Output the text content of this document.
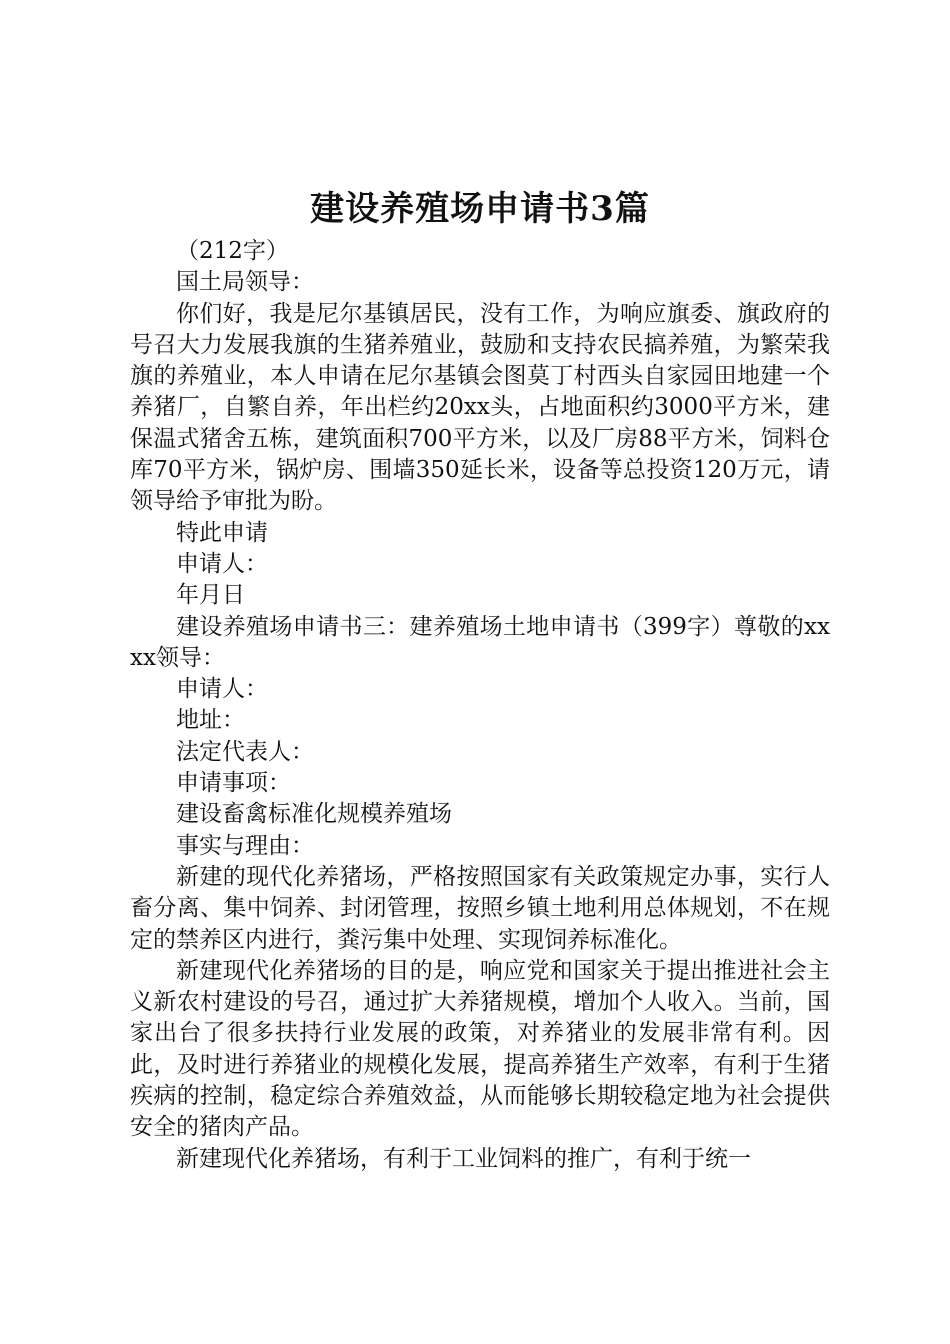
建设养殖场申请书3篇

（212字）

国土局领导：

你们好，我是尼尔基镇居民，没有工作，为响应旗委、旗政府的号召大力发展我旗的生猪养殖业，鼓励和支持农民搞养殖，为繁荣我旗的养殖业，本人申请在尼尔基镇会图莫丁村西头自家园田地建一个养猪厂，自繁自养，年出栏约20xx头，占地面积约3000平方米，建保温式猪舍五栋，建筑面积700平方米，以及厂房88平方米，饲料仓库70平方米，锅炉房、围墙350延长米，设备等总投资120万元，请领导给予审批为盼。

特此申请

申请人：

年月日

建设养殖场申请书三：建养殖场土地申请书（399字）尊敬的xxxx领导：

申请人：

地址：

法定代表人：

申请事项：

建设畜禽标准化规模养殖场

事实与理由：

新建的现代化养猪场，严格按照国家有关政策规定办事，实行人畜分离、集中饲养、封闭管理，按照乡镇土地利用总体规划，不在规定的禁养区内进行，粪污集中处理、实现饲养标准化。

新建现代化养猪场的目的是，响应党和国家关于提出推进社会主义新农村建设的号召，通过扩大养猪规模，增加个人收入。当前，国家出台了很多扶持行业发展的政策，对养猪业的发展非常有利。因此，及时进行养猪业的规模化发展，提高养猪生产效率，有利于生猪疾病的控制，稳定综合养殖效益，从而能够长期较稳定地为社会提供安全的猪肉产品。

新建现代化养猪场，有利于工业饲料的推广，有利于统一
